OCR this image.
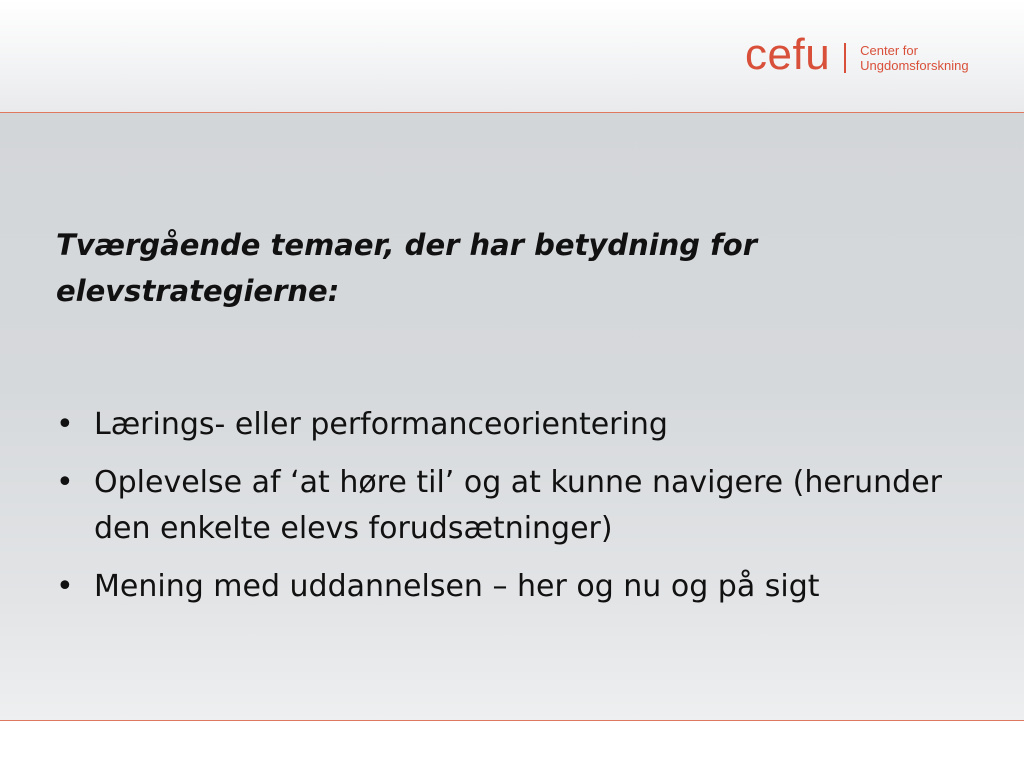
cefu Center for
Ungdomsforskning

Tværgående temaer, der har betydning for elevstrategierne:

• Lærings- eller performanceorientering
• Oplevelse af ‘at høre til’ og at kunne navigere (herunder den enkelte elevs forudsætninger)
• Mening med uddannelsen – her og nu og på sigt
